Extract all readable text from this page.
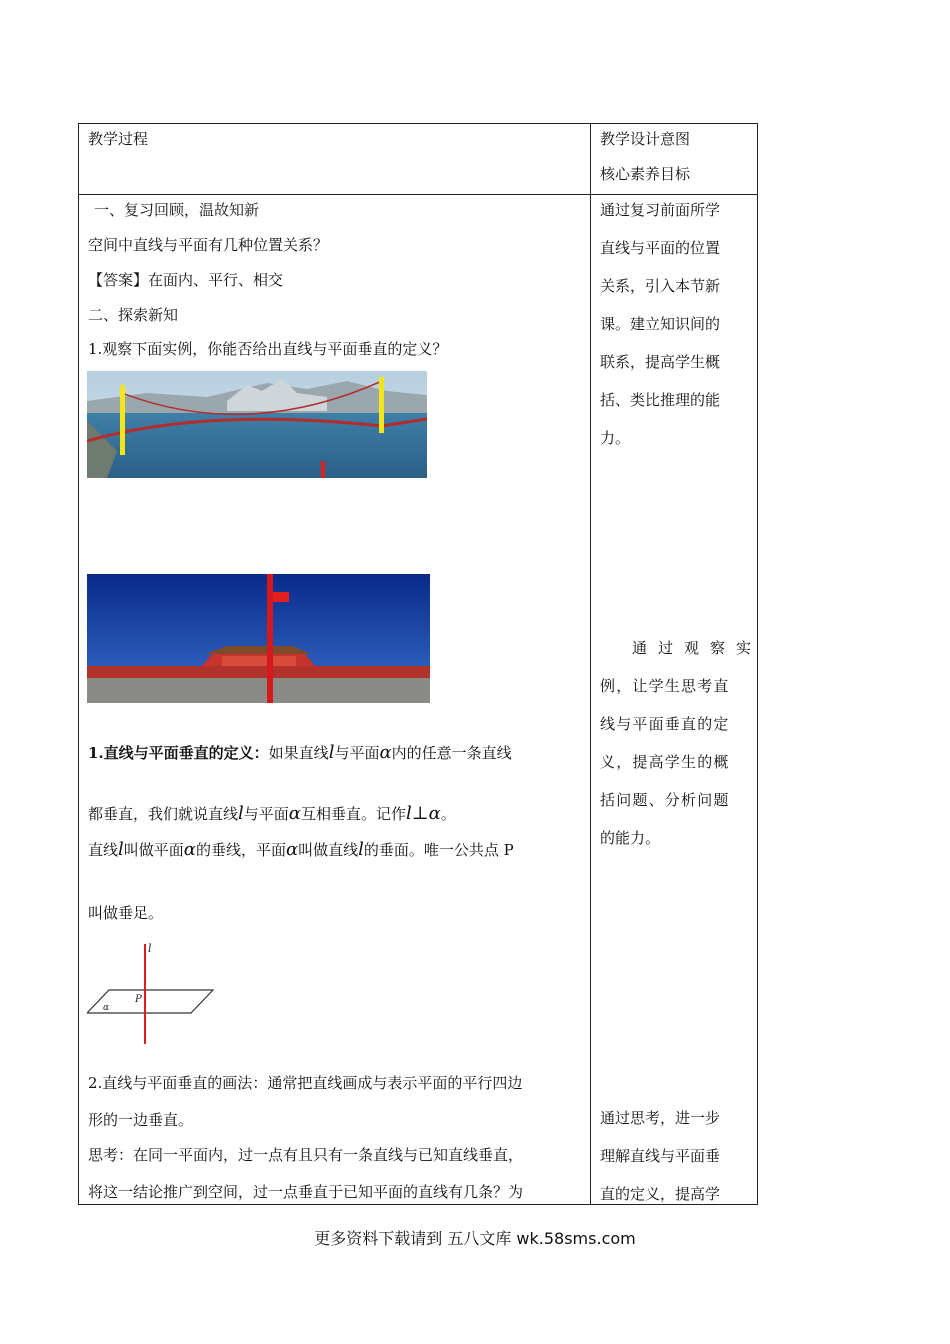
教学过程	教学设计意图
核心素养目标
一、复习回顾，温故知新
空间中直线与平面有几种位置关系？
【答案】在面内、平行、相交
二、探索新知
1.观察下面实例，你能否给出直线与平面垂直的定义？
1.直线与平面垂直的定义：如果直线l与平面α内的任意一条直线
都垂直，我们就说直线l与平面α互相垂直。记作l⊥α。
直线l叫做平面α的垂线，平面α叫做直线l的垂面。唯一公共点 P
叫做垂足。
l
P
α
2.直线与平面垂直的画法：通常把直线画成与表示平面的平行四边
形的一边垂直。
思考：在同一平面内，过一点有且只有一条直线与已知直线垂直，
将这一结论推广到空间，过一点垂直于已知平面的直线有几条？为
通过复习前面所学
直线与平面的位置
关系，引入本节新
课。建立知识间的
联系，提高学生概
括、类比推理的能
力。
通过观察实
例，让学生思考直
线与平面垂直的定
义，提高学生的概
括问题、分析问题
的能力。
通过思考，进一步
理解直线与平面垂
直的定义，提高学
更多资料下载请到 五八文库 wk.58sms.com
